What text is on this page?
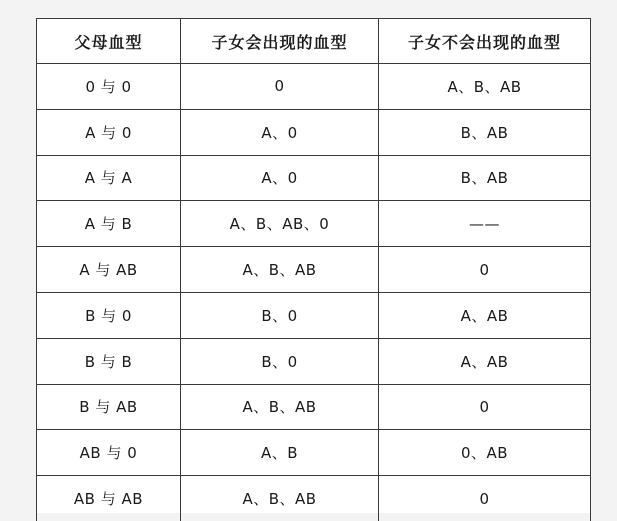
父母血型	子女会出现的血型	子女不会出现的血型
0 与 0	0	A、B、AB
A 与 0	A、0	B、AB
A 与 A	A、0	B、AB
A 与 B	A、B、AB、0	——
A 与 AB	A、B、AB	0
B 与 0	B、0	A、AB
B 与 B	B、0	A、AB
B 与 AB	A、B、AB	0
AB 与 0	A、B	0、AB
AB 与 AB	A、B、AB	0
